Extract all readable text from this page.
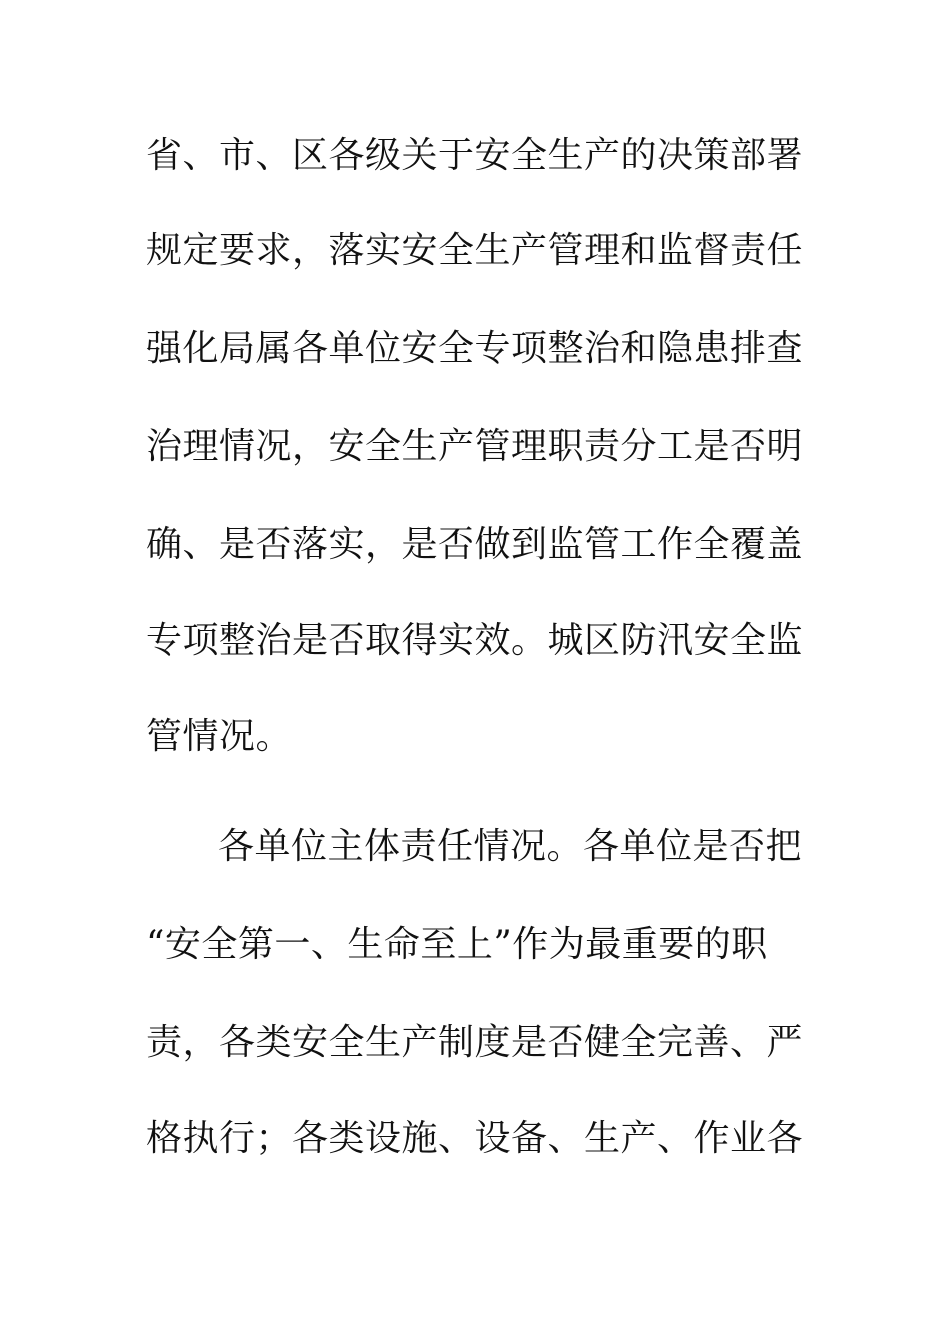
省、市、区各级关于安全生产的决策部署
规定要求，落实安全生产管理和监督责任
强化局属各单位安全专项整治和隐患排查
治理情况，安全生产管理职责分工是否明
确、是否落实，是否做到监管工作全覆盖
专项整治是否取得实效。城区防汛安全监
管情况。
各单位主体责任情况。各单位是否把
“安全第一、生命至上”作为最重要的职
责，各类安全生产制度是否健全完善、严
格执行；各类设施、设备、生产、作业各
